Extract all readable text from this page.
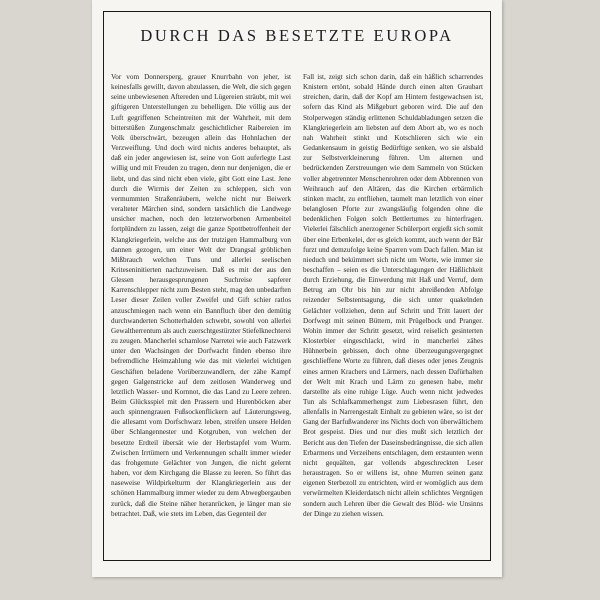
DURCH DAS BESETZTE EUROPA
Vor vom Donnersperg, grauer Knurrbahn von jeher, ist keinesfalls gewillt, davon abzulassen, die Welt, die sich gegen seine unbewiesenen Aftereden und Lügereien sträubt, mit wei giftigeren Unterstellungen zu behelligen. Die völlig aus der Luft gegriffenen Scheintreiten mit der Wahrheit, mit dem bitterstüßen Zungenschmalz geschichtlicher Raibereien im Volk überschwärt, bezeugen allein das Hohnlachen der Verzweiflung. Und doch wird nichts anderes behauptet, als daß ein jeder angewiesen ist, seine von Gott auferlegte Last willig und mit Freuden zu tragen, denn nur denjenigen, die er liebt, und das sind nicht eben viele, gibt Gott eine Last. Jene durch die Wirrnis der Zeiten zu schleppen, sich von vermummten Straßenräubern, welche nicht nur Beiwerk veralteter Märchen sind, sondern tatsächlich die Landwege unsicher machen, noch den letzterworbenen Armenbeitel fortplündern zu lassen, zeigt die ganze Spottbetroffenheit der Klangkriegerlein, welche aus der trutzigen Hammalburg von dannen gezogen, um einer Welt der Drangsal gröblichen Mißbrauch welchen Tuns und allerlei seelischen Kriteseninitierten nachzuweisen. Daß es mit der aus den Glessen herausgesprungenen Suchreise sapferer Karrenschlepper nicht zum Besten steht, mag den unbedarften Leser dieser Zeilen voller Zweifel und Gift schier ratlos anzuschmiegen nach wenn ein Bannfluch über den demütig durchwanderten Schotterhalden schwebt, sowohl von allerlei Gewaltherrentum als auch zuerschtgestürzter Stiefelknechterei zu zeugen. Mancherlei schamlose Narretei wie auch Fatzwerk unter den Wachsingen der Dorfwacht finden ebenso ihre befremdliche Heimzahlung wie das mit vielerlei wichtigen Geschäften beladene Vorüberzuwandlern, der zähe Kampf gegen Galgenstricke auf dem zeitlosen Wanderweg und letztlich Wasser- und Kornnot, die das Land zu Leere zehren. Beim Glücksspiel mit den Prassern und Hurenböcken aber auch spinnengrauen Fußsockenflickern auf Läuterungsweg, die allesamt vom Dorfschwarz leben, streifen unsere Helden über Schlangennester und Kotgruben, von welchen der besetzte Erdteil übersät wie der Herbstapfel vom Wurm. Zwischen Irrtümern und Verkennungen schallt immer wieder das frohgemute Gelächter von Jungen, die nicht gelernt haben, vor dem Kirchgang die Blasse zu leeren. So führt das naseweise Wildpirkelturm der Klangkriegerlein aus der schönen Hammalburg immer wieder zu dem Abwegbergauben zurück, daß die Steine näher heranrücken, je länger man sie betrachtet. Daß, wie stets im Leben, das Gegenteil der
Fall ist, zeigt sich schon darin, daß ein häßlich scharrendes Knistern ertönt, sobald Hände durch einen alten Graubart streichen, darin, daß der Kopf am Hintern festgewachsen ist, sofern das Kind als Mißgeburt geboren wird. Die auf den Stolperwegen ständig erlittenen Schuldabladungen setzen die Klangkriegerlein am liebsten auf dem Abort ab, wo es noch nah Wahrheit stinkt und Kotschlieren sich wie ein Gedankensaum in geistig Bedürftige senken, wo sie alsbald zur Selbstverkleinerung führen. Um alternen und bedrückenden Zerstreuungen wie dem Sammeln von Stücken voller abgetrennter Menschenrohren oder dem Abbrennen von Weihrauch auf den Altären, das die Kirchen erbärmlich stinken macht, zu entfliehen, taumelt man letztlich von einer belanglosen Pforte zur zwangsläufig folgenden ohne die bedenklichen Folgen solch Bettlertumes zu hinterfragen. Vielerlei fälschlich anerzogener Schülerport ergießt sich somit über eine Erbenkelei, der es gleich kommt, auch wenn der Bär furzt und demzufolge keine Sparren vom Dach fallen. Man ist nieduch und bekümmert sich nicht um Worte, wie immer sie beschaffen – seien es die Unterschlagungen der Häßlichkeit durch Erziehung, die Einwerdung mit Haß und Verruf, dem Betrug am Ohr bis hin zur nicht abreißenden Abfolge reizender Selbstentsagung, die sich unter quakelnden Gelächter vollziehen, denn auf Schritt und Tritt lauert der Dorfwegt mit seinen Büttern, mit Prügelbock und Pranger. Wohin immer der Schritt gesetzt, wird reiselich gesinterten Klosterbier eingeschlackt, wird in mancherlei zähes Hühnerbein gebissen, doch ohne überzeugungsvergegnet geschlieffene Worte zu führen, daß dieses oder jenes Zeugnis eines armen Krachers und Lärmers, nach dessen Dafürhalten der Welt mit Krach und Lärm zu genesen habe, mehr darstellte als eine ruhige Lüge. Auch wenn nicht jedwedes Tun als Schlafkammerhengst zum Liebesrasen führt, den allenfalls in Narrengestalt Einhalt zu gebieten wäre, so ist der Gang der Barfußwanderer ins Nichts doch von überwältichem Brot gespeist. Dies und nur dies mußt sich letztlich der Bericht aus den Tiefen der Daseinsbedrängnisse, die sich allen Erbarmens und Verzeihens entschlagen, dem erstaunten wenn nicht gequälten, gar vollends abgeschreckten Leser heraustragen. So er willens ist, ohne Murren seinen ganz eigenen Sterbezoll zu entrichten, wird er womöglich aus dem verwürmelten Kleiderdatsch nicht allein schlichtes Vergnügen sondern auch Lehren über die Gewalt des Blöd- wie Unsinns der Dinge zu ziehen wissen.
